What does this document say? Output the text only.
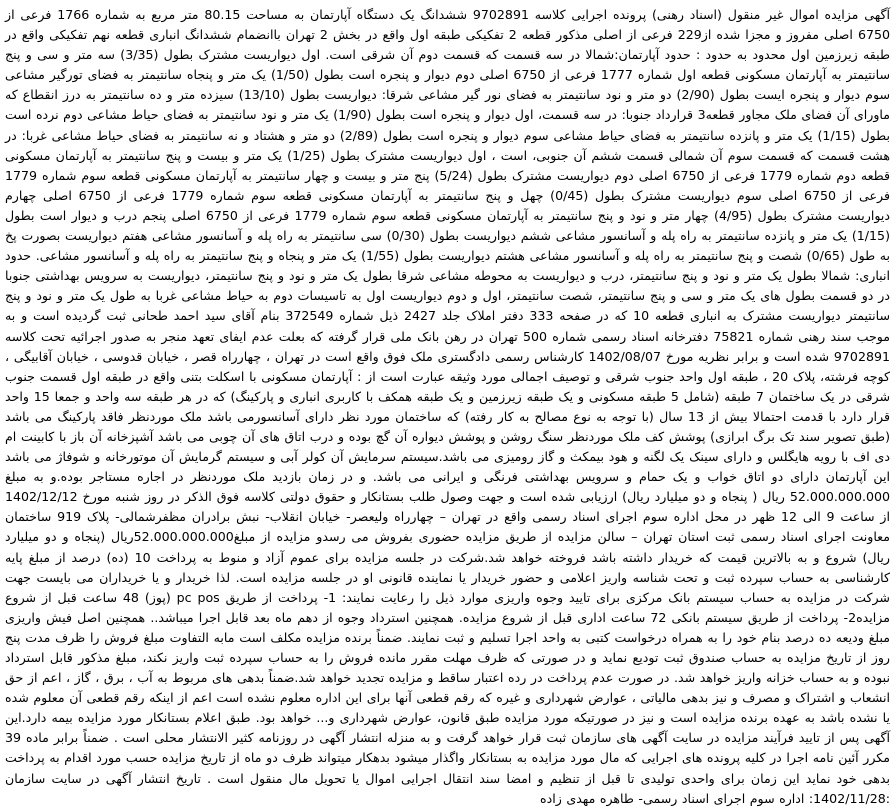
آگهی مزایده اموال غیر منقول (اسناد رهنی) پرونده اجرایی کلاسه 9702891 ششدانگ یک دستگاه آپارتمان به مساحت 80.15 متر مربع به شماره 1766 فرعی از 6750 اصلی مفروز و مجزا شده از229 فرعی از اصلی مذکور قطعه 2 تفکیکی طبقه اول واقع در بخش 2 تهران باانضمام ششدانگ انباری قطعه نهم تفکیکی واقع در طبقه زیرزمین اول محدود به حدود : حدود آپارتمان:شمالا در سه قسمت که قسمت دوم آن شرقی است. اول دیواریست مشترک بطول (3/35) سه متر و سی و پنج سانتیمتر به آپارتمان مسکونی قطعه اول شماره 1777 فرعی از 6750 اصلی دوم دیوار و پنجره است بطول (1/50) یک متر و پنجاه سانتیمتر به فضای تورگیر مشاعی سوم دیوار و پنجره ایست بطول (2/90) دو متر و نود سانتیمتر به فضای نور گیر مشاعی شرقا: دیواریست بطول (13/10) سیزده متر و ده سانتیمتر به درز انقطاع که ماورای آن فضای ملک مجاور قطعه3 قرارداد جنوبا: در سه قسمت، اول دیوار و پنجره است بطول (1/90) یک متر و نود سانتیمتر به فضای حیاط مشاعی دوم نرده است بطول (1/15) یک متر و پانزده سانتیمتر به فضای حیاط مشاعی سوم دیوار و پنجره است بطول (2/89) دو متر و هشتاد و نه سانتیمتر به فضای حیاط مشاعی غربا: در هشت قسمت که قسمت سوم آن شمالی قسمت ششم آن جنوبی، است ، اول دیواریست مشترک بطول (1/25) یک متر و بیست و پنج سانتیمتر به آپارتمان مسکونی قطعه دوم شماره 1779 فرعی از 6750 اصلی دوم دیواریست مشترک بطول (5/24) پنج متر و بیست و چهار سانتیمتر به آپارتمان مسکونی قطعه سوم شماره 1779 فرعی از 6750 اصلی سوم دیواریست مشترک بطول (0/45) چهل و پنج سانتیمتر به آپارتمان مسکونی قطعه سوم شماره 1779 فرعی از 6750 اصلی چهارم دیواریست مشترک بطول (4/95) چهار متر و نود و پنج سانتیمتر به آپارتمان مسکونی قطعه سوم شماره 1779 فرعی از 6750 اصلی پنجم درب و دیوار است بطول (1/15) یک متر و پانزده سانتیمتر به راه پله و آسانسور مشاعی ششم دیواریست بطول (0/30) سی سانتیمتر به راه پله و آسانسور مشاعی هفتم دیواریست بصورت پخ به طول (0/65) شصت و پنج سانتیمتر به راه پله و آسانسور مشاعی هشتم دیواریست بطول (1/55) یک متر و پنجاه و پنج سانتیمتر به راه پله و آسانسور مشاعی. حدود انباری: شمالا بطول یک متر و نود و پنج سانتیمتر، درب و دیواریست به محوطه مشاعی شرقا بطول یک متر و نود و پنج سانتیمتر، دیواریست به سرویس بهداشتی جنوبا در دو قسمت بطول های یک متر و سی و پنج سانتیمتر، شصت سانتیمتر، اول و دوم دیواریست اول به تاسیسات دوم به حیاط مشاعی غربا به طول یک متر و نود و پنج سانتیمتر دیواریست مشترک به انباری قطعه 10 که در صفحه 333 دفتر املاک جلد 2427 ذیل شماره 372549 بنام آقای سید احمد طحانی ثبت گردیده است و به موجب سند رهنی شماره 75821 دفترخانه اسناد رسمی شماره 500 تهران در رهن بانک ملی قرار گرفته که بعلت عدم ایفای تعهد منجر به صدور اجرائیه تحت کلاسه 9702891 شده است و برابر نظریه مورخ 1402/08/07 کارشناس رسمی دادگستری ملک فوق واقع است در تهران ، چهارراه قصر ، خیابان قدوسی ، خیابان آقابیگی ، کوچه فرشته، پلاک 20 ، طبقه اول واحد جنوب شرقی و توصیف اجمالی مورد وثیقه عبارت است از : آپارتمان مسکونی با اسکلت بتنی واقع در طبقه اول قسمت جنوب شرقی در یک ساختمان 7 طبقه (شامل 5 طبقه مسکونی و یک طبقه زیرزمین و یک طبقه همکف با کاربری انباری و پارکینگ) که در هر طبقه سه واحد و جمعا 15 واحد قرار دارد با قدمت احتمالا بیش از 13 سال (با توجه به نوع مصالح به کار رفته) که ساختمان مورد نظر دارای آسانسورمی باشد ملک موردنظر فاقد پارکینگ می باشد (طبق تصویر سند تک برگ ابرازی) پوشش کف ملک موردنظر سنگ روشن و پوشش دیواره آن گچ بوده و درب اتاق های آن چوبی می باشد آشپزخانه آن باز با کابینت ام دی اف با رویه هایگلس و دارای سینک یک لگنه و هود بیمکث و گاز رومیزی می باشد.سیستم سرمایش آن کولر آبی و سیستم گرمایش آن موتورخانه و شوفاژ می باشد این آپارتمان دارای دو اتاق خواب و یک حمام و سرویس بهداشتی فرنگی و ایرانی می باشد. و در زمان بازدید ملک موردنظر در اجاره مستاجر بوده.و به مبلغ 52.000.000.000 ریال ( پنجاه و دو میلیارد ریال) ارزیابی شده است و جهت وصول طلب بستانکار و حقوق دولتی کلاسه فوق الذکر در روز شنبه مورخ 1402/12/12 از ساعت 9 الی 12 ظهر در محل اداره سوم اجرای اسناد رسمی واقع در تهران – چهارراه ولیعصر- خیابان انقلاب- نبش برادران مظفرشمالی- پلاک 919 ساختمان معاونت اجرای اسناد رسمی ثبت استان تهران – سالن مزایده از طریق مزایده حضوری بفروش می رسدو مزایده از مبلغ52.000.000.000ریال (پنجاه و دو میلیارد ریال) شروع و به بالاترین قیمت که خریدار داشته باشد فروخته خواهد شد.شرکت در جلسه مزایده برای عموم آزاد و منوط به پرداخت 10 (ده) درصد از مبلغ پایه کارشناسی به حساب سپرده ثبت و تحت شناسه واریز اعلامی و حضور خریدار یا نماینده قانونی او در جلسه مزایده است. لذا خریدار و یا خریداران می بایست جهت شرکت در مزایده به حساب سیستم بانک مرکزی برای تایید وجوه واریزی موارد ذیل را رعایت نمایند: 1- پرداخت از طریق pc pos (پوز) 48 ساعت قبل از شروع مزایده2- پرداخت از طریق سیستم بانکی 72 ساعت اداری قبل از شروع مزایده. همچنین استرداد وجوه از دهم ماه بعد قابل اجرا میباشد.. همچنین اصل فیش واریزی مبلغ ودیعه ده درصد بنام خود را به همراه درخواست کتبی به واحد اجرا تسلیم و ثبت نمایند. ضمناً برنده مزایده مکلف است مابه التفاوت مبلغ فروش را ظرف مدت پنج روز از تاریخ مزایده به حساب صندوق ثبت تودیع نماید و در صورتی که ظرف مهلت مقرر مانده فروش را به حساب سپرده ثبت واریز نکند، مبلغ مذکور قابل استرداد نبوده و به حساب خزانه واریز خواهد شد. در صورت عدم پرداخت در رده اعتبار ساقط و مزایده تجدید خواهد شد.ضمناً بدهی های مربوط به آب ، برق ، گاز ، اعم از حق انشعاب و اشتراک و مصرف و نیز بدهی مالیاتی ، عوارض شهرداری و غیره که رقم قطعی آنها برای این اداره معلوم نشده است اعم از اینکه رقم قطعی آن معلوم شده یا نشده باشد به عهده برنده مزایده است و نیز در صورتیکه مورد مزایده طبق قانون، عوارض شهرداری و... خواهد بود. طبق اعلام بستانکار مورد مزایده بیمه دارد.این آگهی پس از تایید فرآیند مزایده در سایت آگهی های سازمان ثبت قرار خواهد گرفت و به منزله انتشار آگهی در روزنامه کثیر الانتشار محلی است . ضمناً برابر ماده 39 مکرر آئین نامه اجرا در کلیه پرونده های اجرایی که مال مورد مزایده به بستانکار واگذار میشود بدهکار میتواند ظرف دو ماه از تاریخ مزایده حسب مورد اقدام به پرداخت بدهی خود نماید این زمان برای واحدی تولیدی تا قبل از تنظیم و امضا سند انتقال اجرایی اموال یا تحویل مال منقول است . تاریخ انتشار آگهی در سایت سازمان :1402/11/28: اداره سوم اجرای اسناد رسمی- طاهره مهدی زاده
